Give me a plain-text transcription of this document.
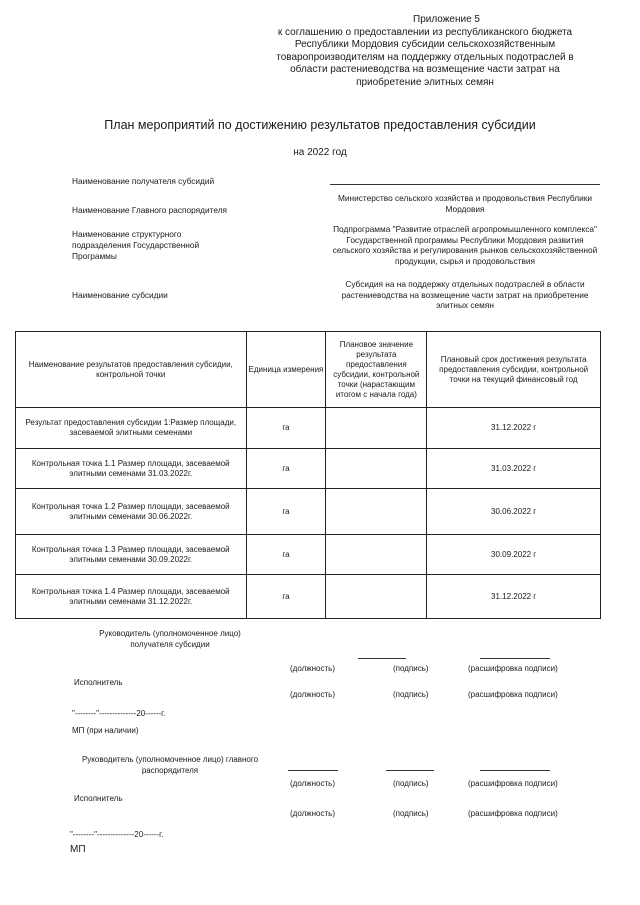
Приложение 5
к соглашению о предоставлении из республиканского бюджета
Республики Мордовия субсидии сельскохозяйственным
товаропроизводителям на поддержку отдельных подотраслей в
области растениеводства на возмещение части затрат на
приобретение элитных семян
План мероприятий по достижению результатов предоставления субсидии
на 2022 год
Наименование получателя субсидий
Наименование Главного распорядителя
Министерство сельского хозяйства и продовольствия Республики Мордовия
Наименование структурного подразделения Государственной Программы
Подпрограмма "Развитие отраслей агропромышленного комплекса" Государственной программы Республики Мордовия развития сельского хозяйства и регулирования рынков сельскохозяйственной продукции, сырья и продовольствия
Наименование субсидии
Субсидия на на поддержку отдельных подотраслей в области растениеводства на возмещение части затрат на приобретение элитных семян
Наименование результатов предоставления субсидии, контрольной точки	Единица измерения	Плановое значение результата предоставления субсидии, контрольной точки (нарастающим итогом с начала года)	Плановый срок достижения результата предоставления субсидии, контрольной точки на текущий финансовый год
Результат предоставления субсидии 1:Размер площади, засеваемой элитными семенами	га		31.12.2022 г
Контрольная точка 1.1 Размер площади, засеваемой элитными семенами 31.03.2022г.	га		31.03.2022 г
Контрольная точка 1.2 Размер площади, засеваемой элитными семенами 30.06.2022г.	га		30.06.2022 г
Контрольная точка 1.3 Размер площади, засеваемой элитными семенами 30.09.2022г.	га		30.09.2022 г
Контрольная точка 1.4 Размер площади, засеваемой элитными семенами 31.12.2022г.	га		31.12.2022 г
Руководитель (уполномоченное лицо) получателя субсидии
(должность)	(подпись)	(расшифровка подписи)
Исполнитель
(должность)	(подпись)	(расшифровка подписи)
"--------"--------------20------г.
МП (при наличии)
Руководитель (уполномоченное лицо) главного распорядителя
(должность)	(подпись)	(расшифровка подписи)
Исполнитель
(должность)	(подпись)	(расшифровка подписи)
"--------"--------------20------г.
МП
